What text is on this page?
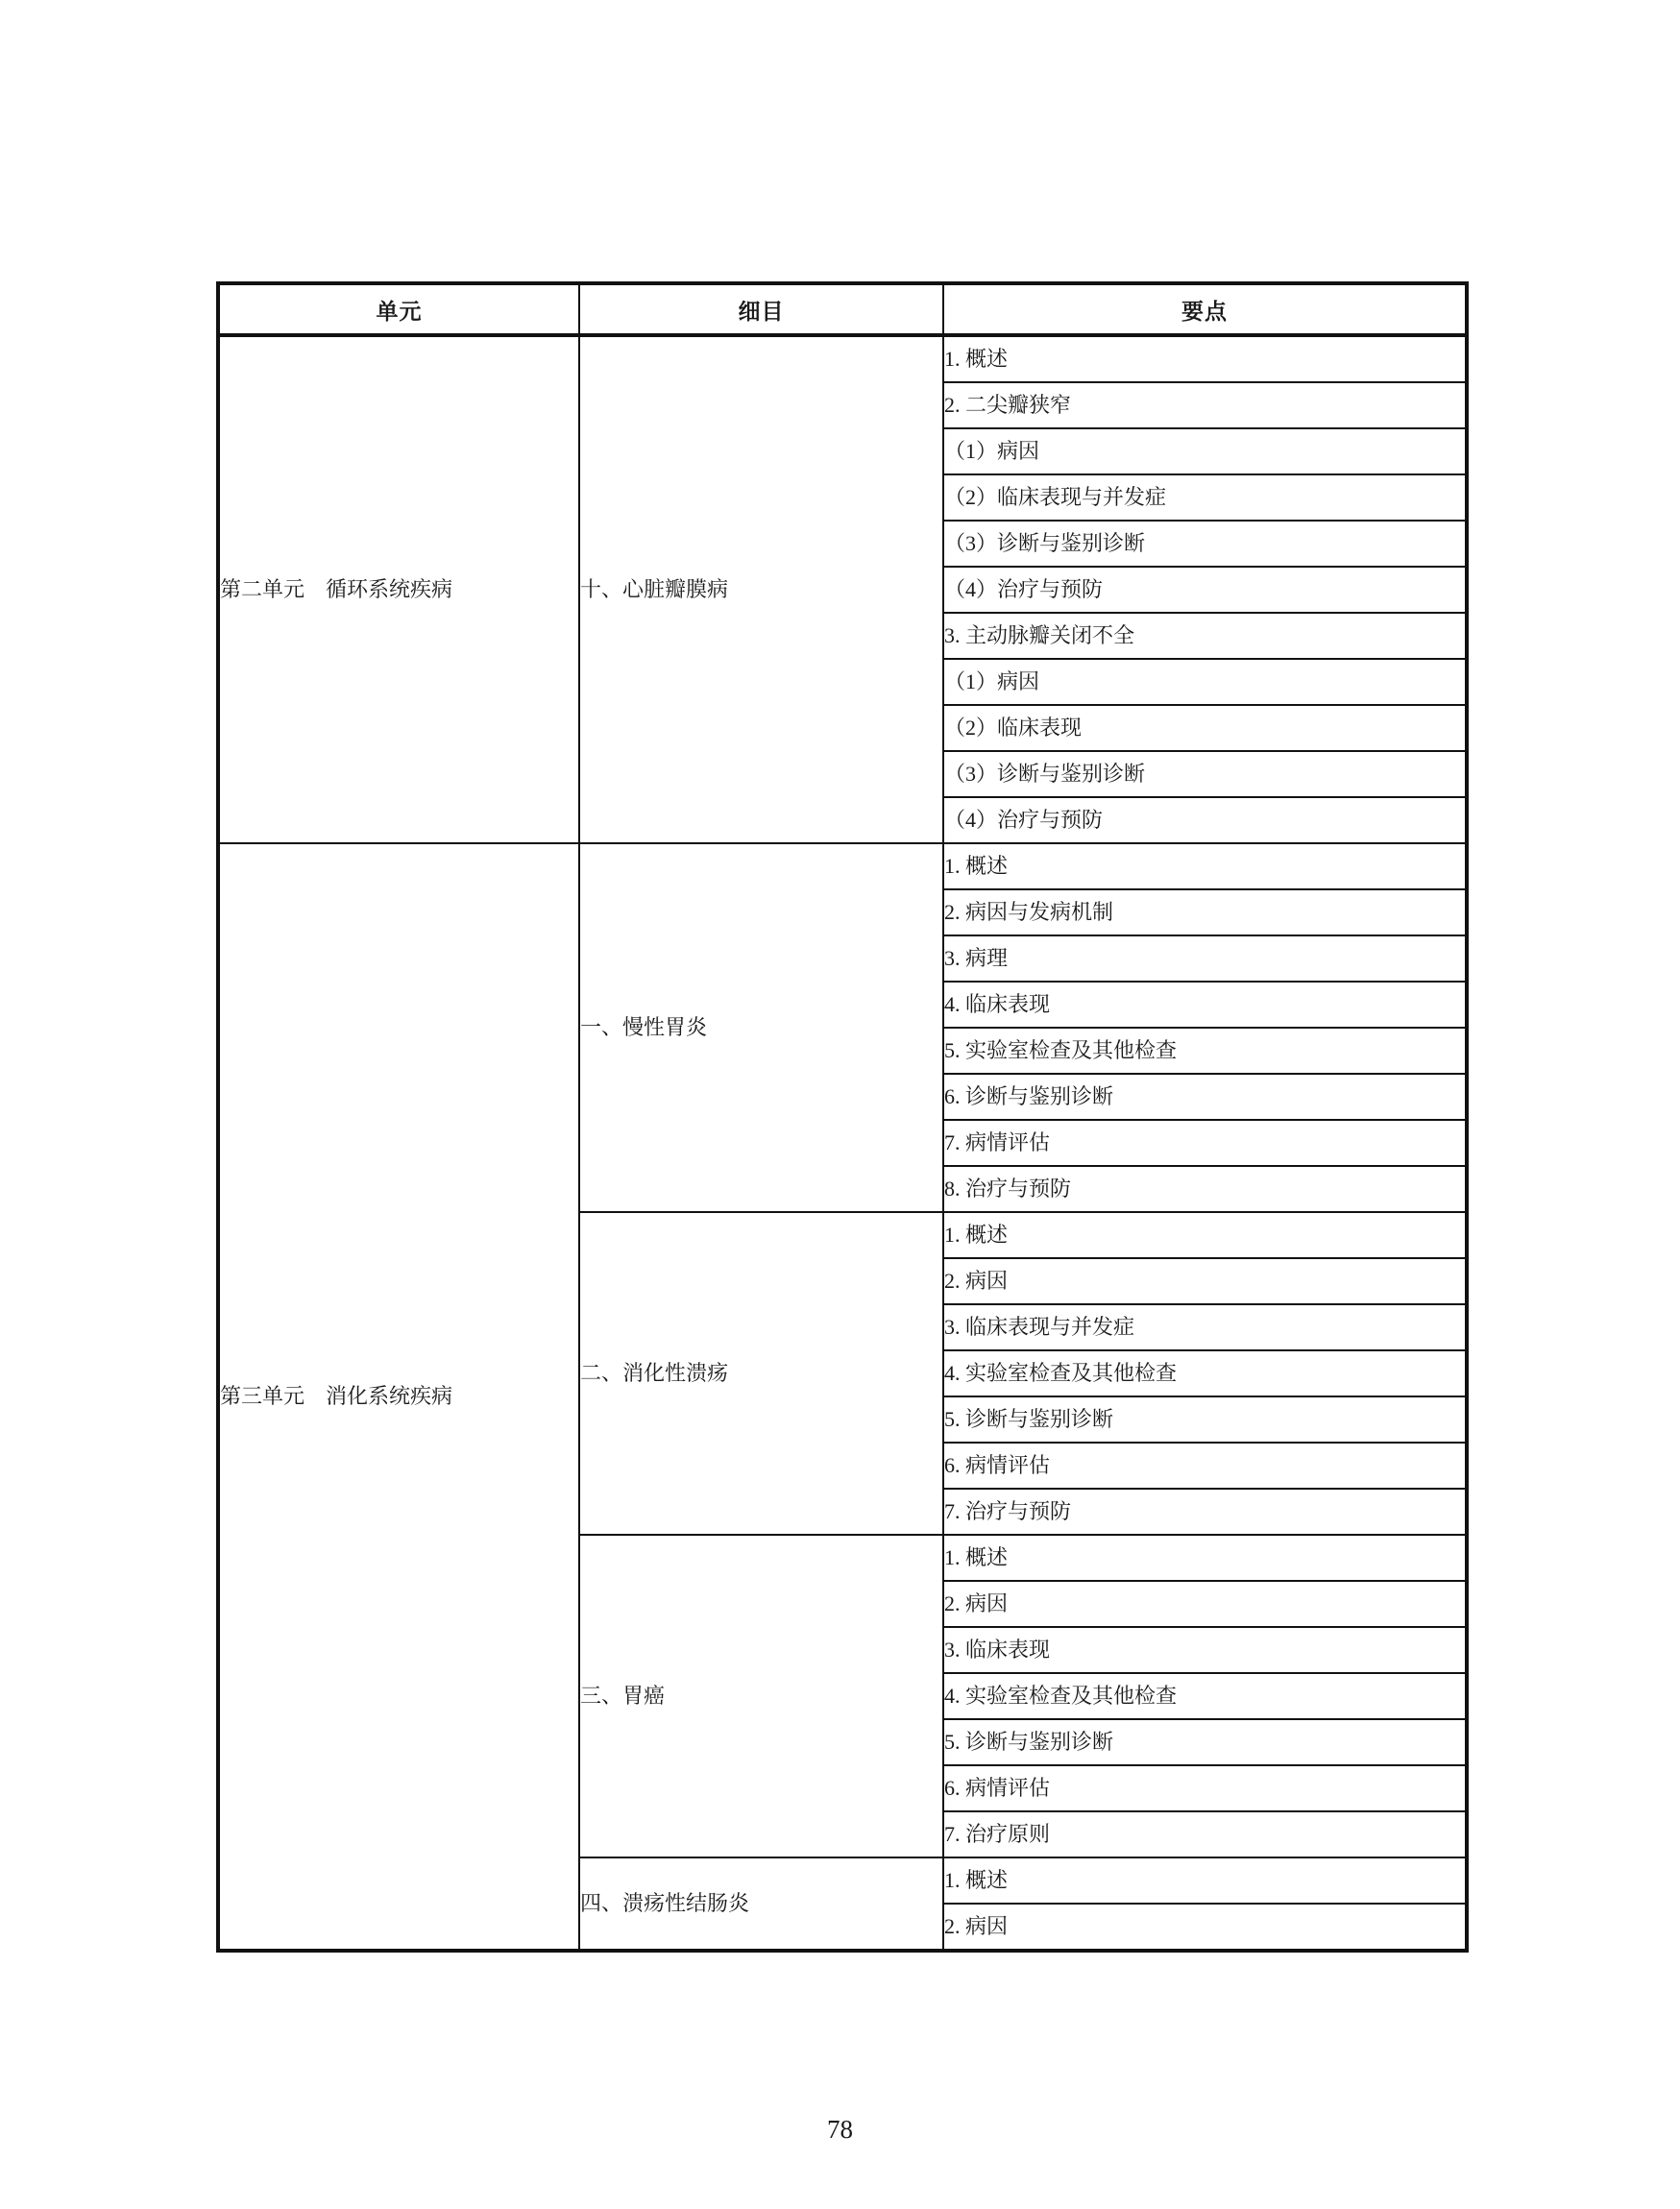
单元	细目	要点
第二单元　循环系统疾病	十、心脏瓣膜病	1. 概述
		2. 二尖瓣狭窄
		（1）病因
		（2）临床表现与并发症
		（3）诊断与鉴别诊断
		（4）治疗与预防
		3. 主动脉瓣关闭不全
		（1）病因
		（2）临床表现
		（3）诊断与鉴别诊断
		（4）治疗与预防
第三单元　消化系统疾病	一、慢性胃炎	1. 概述
		2. 病因与发病机制
		3. 病理
		4. 临床表现
		5. 实验室检查及其他检查
		6. 诊断与鉴别诊断
		7. 病情评估
		8. 治疗与预防
	二、消化性溃疡	1. 概述
		2. 病因
		3. 临床表现与并发症
		4. 实验室检查及其他检查
		5. 诊断与鉴别诊断
		6. 病情评估
		7. 治疗与预防
	三、胃癌	1. 概述
		2. 病因
		3. 临床表现
		4. 实验室检查及其他检查
		5. 诊断与鉴别诊断
		6. 病情评估
		7. 治疗原则
	四、溃疡性结肠炎	1. 概述
		2. 病因
78
